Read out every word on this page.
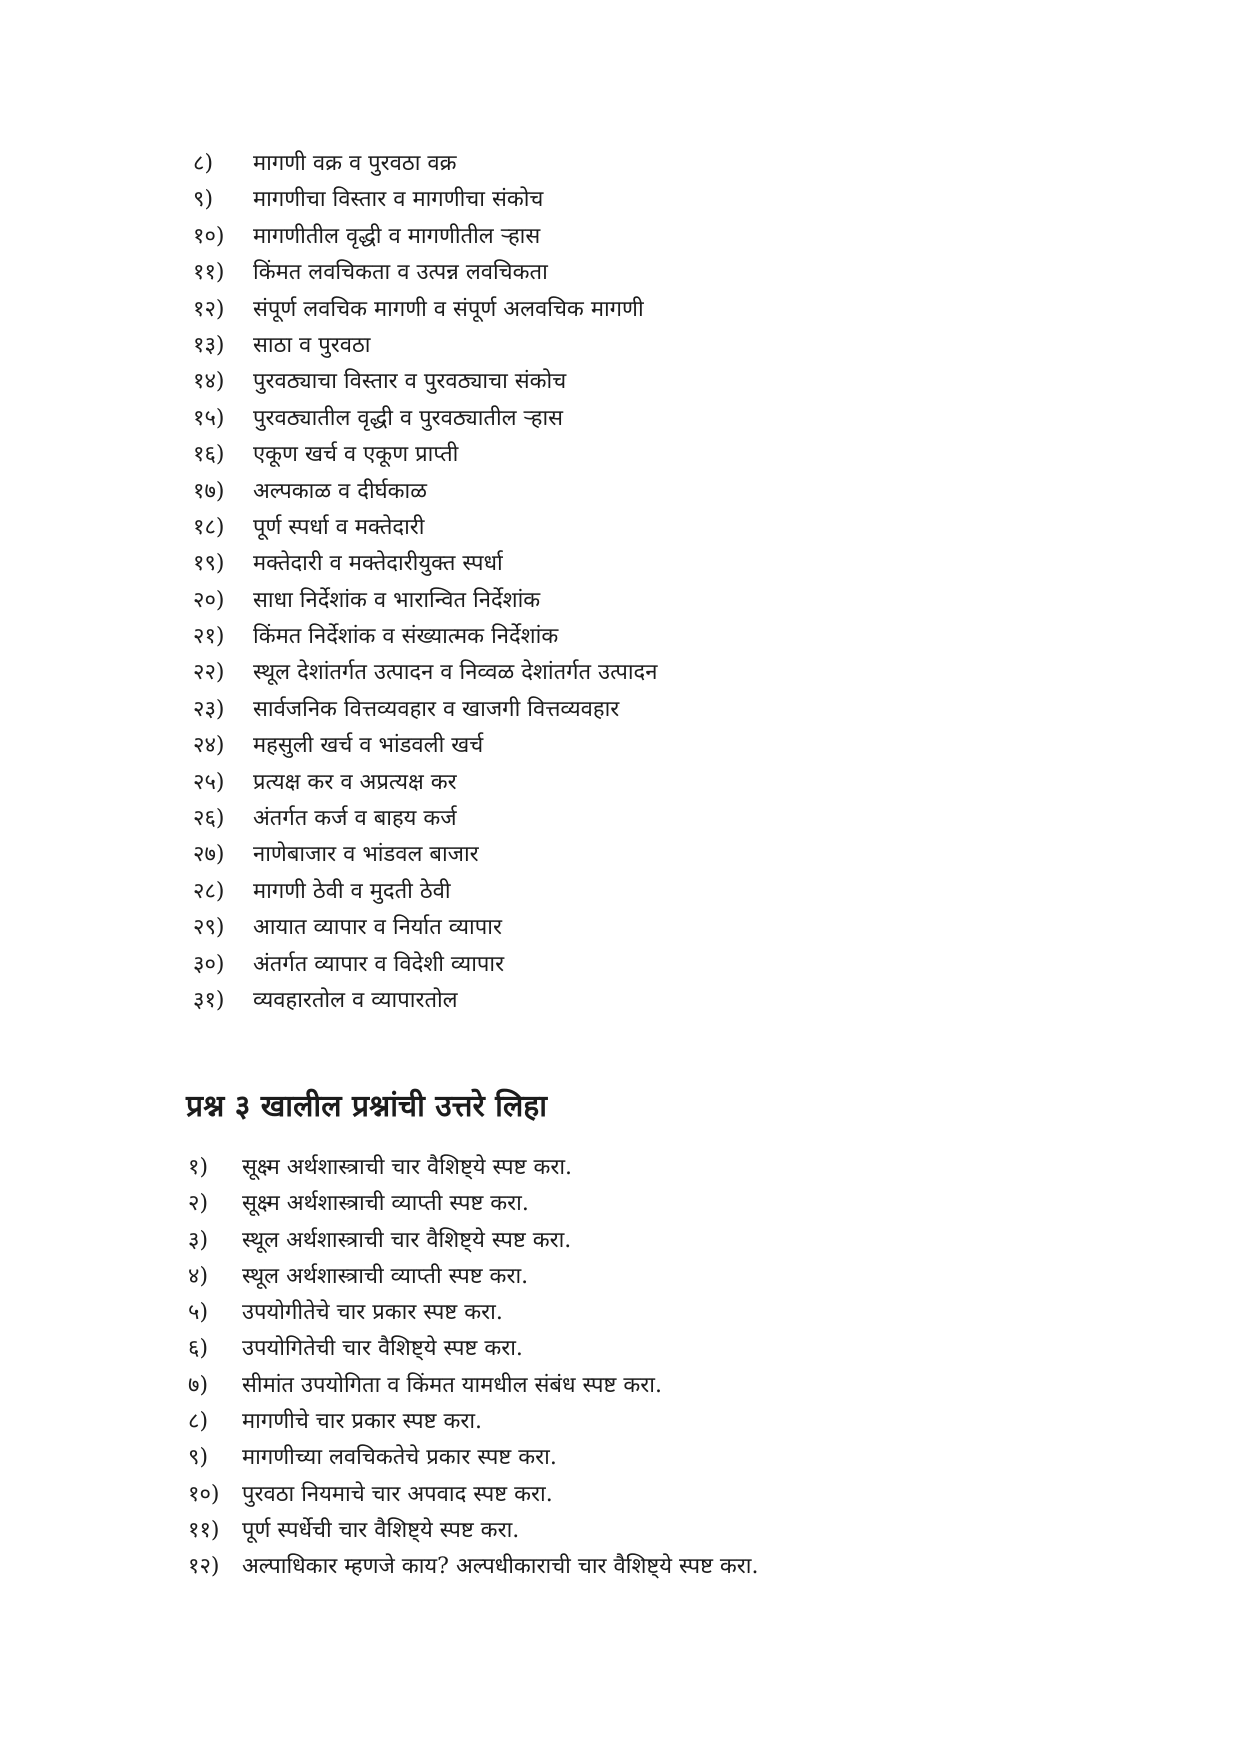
८) मागणी वक्र व पुरवठा वक्र
९) मागणीचा विस्तार व मागणीचा संकोच
१०) मागणीतील वृद्धी व मागणीतील ऱ्हास
११) किंमत लवचिकता व उत्पन्न लवचिकता
१२) संपूर्ण लवचिक मागणी व संपूर्ण अलवचिक मागणी
१३) साठा व पुरवठा
१४) पुरवठ्याचा विस्तार व पुरवठ्याचा संकोच
१५) पुरवठ्यातील वृद्धी व पुरवठ्यातील ऱ्हास
१६) एकूण खर्च व एकूण प्राप्ती
१७) अल्पकाळ व दीर्घकाळ
१८) पूर्ण स्पर्धा व मक्तेदारी
१९) मक्तेदारी व मक्तेदारीयुक्त स्पर्धा
२०) साधा निर्देशांक व भारान्वित निर्देशांक
२१) किंमत निर्देशांक व संख्यात्मक निर्देशांक
२२) स्थूल देशांतर्गत उत्पादन व निव्वळ देशांतर्गत उत्पादन
२३) सार्वजनिक वित्तव्यवहार व खाजगी वित्तव्यवहार
२४) महसुली खर्च व भांडवली खर्च
२५) प्रत्यक्ष कर व अप्रत्यक्ष कर
२६) अंतर्गत कर्ज व बाहय कर्ज
२७) नाणेबाजार व भांडवल बाजार
२८) मागणी ठेवी व मुदती ठेवी
२९) आयात व्यापार व निर्यात व्यापार
३०) अंतर्गत व्यापार व विदेशी व्यापार
३१) व्यवहारतोल व व्यापारतोल
प्रश्न ३ खालील प्रश्नांची उत्तरे लिहा
१) सूक्ष्म अर्थशास्त्राची चार वैशिष्ट्ये स्पष्ट करा.
२) सूक्ष्म अर्थशास्त्राची व्याप्ती स्पष्ट करा.
३) स्थूल अर्थशास्त्राची चार वैशिष्ट्ये स्पष्ट करा.
४) स्थूल अर्थशास्त्राची व्याप्ती स्पष्ट करा.
५) उपयोगीतेचे चार प्रकार स्पष्ट करा.
६) उपयोगितेची चार वैशिष्ट्ये स्पष्ट करा.
७) सीमांत उपयोगिता व किंमत यामधील संबंध स्पष्ट करा.
८) मागणीचे चार प्रकार स्पष्ट करा.
९) मागणीच्या लवचिकतेचे प्रकार स्पष्ट करा.
१०) पुरवठा नियमाचे चार अपवाद स्पष्ट करा.
११) पूर्ण स्पर्धेची चार वैशिष्ट्ये स्पष्ट करा.
१२) अल्पाधिकार म्हणजे काय? अल्पधीकाराची चार वैशिष्ट्ये स्पष्ट करा.
